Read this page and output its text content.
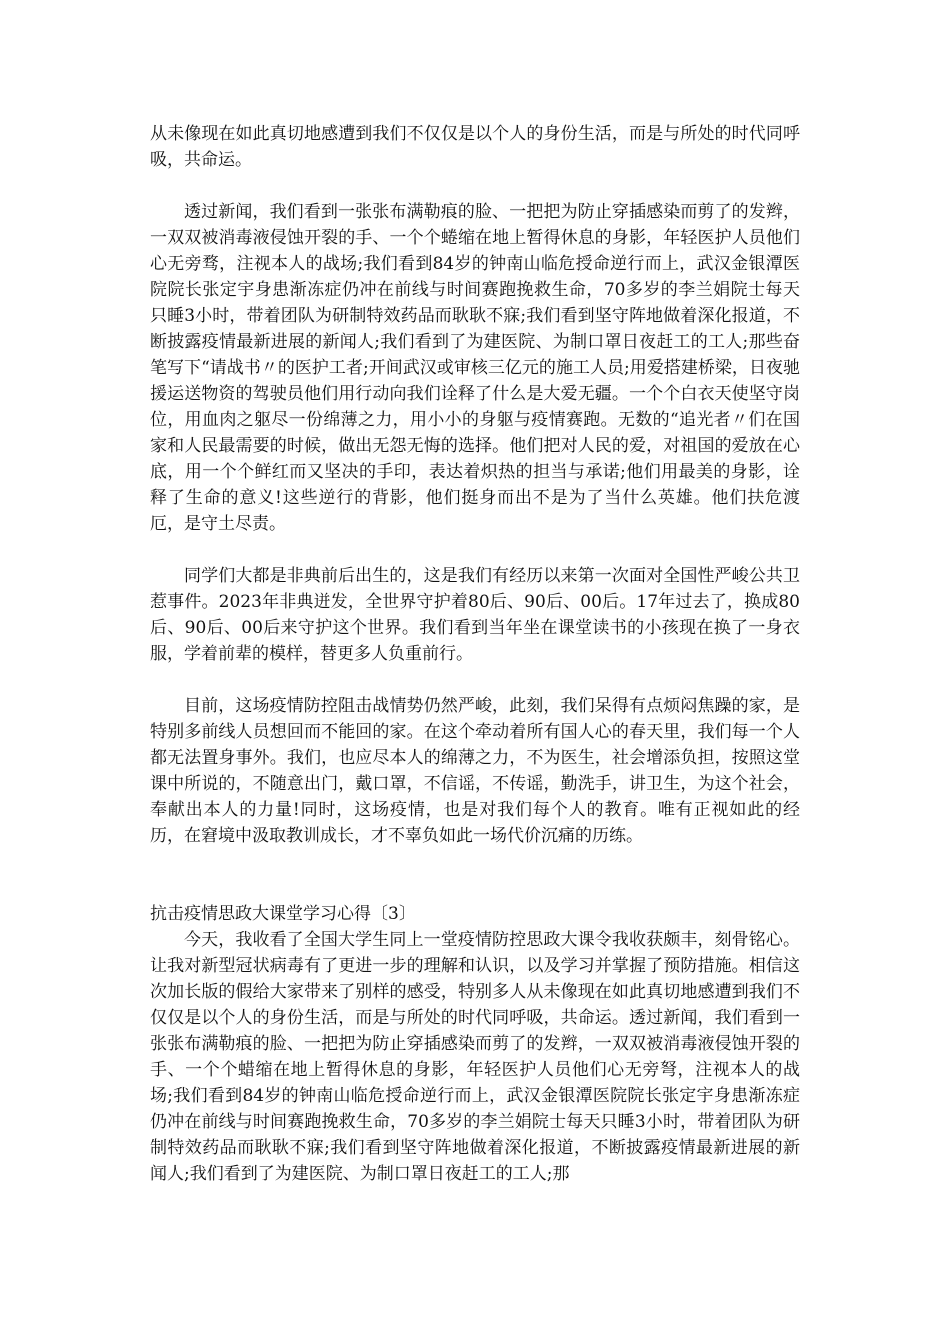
从未像现在如此真切地感遭到我们不仅仅是以个人的身份生活，而是与所处的时代同呼吸，共命运。

透过新闻，我们看到一张张布满勒痕的脸、一把把为防止穿插感染而剪了的发辫，一双双被消毒液侵蚀开裂的手、一个个蜷缩在地上暂得休息的身影，年轻医护人员他们心无旁骛，注视本人的战场;我们看到84岁的钟南山临危授命逆行而上，武汉金银潭医院院长张定宇身患渐冻症仍冲在前线与时间赛跑挽救生命，70多岁的李兰娟院士每天只睡3小时，带着团队为研制特效药品而耿耿不寐;我们看到坚守阵地做着深化报道，不断披露疫情最新进展的新闻人;我们看到了为建医院、为制口罩日夜赶工的工人;那些奋笔写下“请战书〃的医护工者;开间武汉或审核三亿元的施工人员;用爱搭建桥梁，日夜驰援运送物资的驾驶员他们用行动向我们诠释了什么是大爱无疆。一个个白衣天使坚守岗位，用血肉之躯尽一份绵薄之力，用小小的身躯与疫情赛跑。无数的“追光者〃们在国家和人民最需要的时候，做出无怨无悔的选择。他们把对人民的爱，对祖国的爱放在心底，用一个个鲜红而又坚决的手印，表达着炽热的担当与承诺;他们用最美的身影，诠释了生命的意义!这些逆行的背影，他们挺身而出不是为了当什么英雄。他们扶危渡厄，是守土尽责。

同学们大都是非典前后出生的，这是我们有经历以来第一次面对全国性严峻公共卫惹事件。2023年非典迸发，全世界守护着80后、90后、00后。17年过去了，换成80后、90后、00后来守护这个世界。我们看到当年坐在课堂读书的小孩现在换了一身衣服，学着前辈的模样，替更多人负重前行。

目前，这场疫情防控阻击战情势仍然严峻，此刻，我们呆得有点烦闷焦躁的家，是特别多前线人员想回而不能回的家。在这个牵动着所有国人心的春天里，我们每一个人都无法置身事外。我们，也应尽本人的绵薄之力，不为医生，社会增添负担，按照这堂课中所说的，不随意出门，戴口罩，不信谣，不传谣，勤洗手，讲卫生，为这个社会，奉献出本人的力量!同时，这场疫情，也是对我们每个人的教育。唯有正视如此的经历，在窘境中汲取教训成长，才不辜负如此一场代价沉痛的历练。

抗击疫情思政大课堂学习心得〔3〕

今天，我收看了全国大学生同上一堂疫情防控思政大课令我收获颇丰，刻骨铭心。让我对新型冠状病毒有了更进一步的理解和认识，以及学习并掌握了预防措施。相信这次加长版的假给大家带来了别样的感受，特别多人从未像现在如此真切地感遭到我们不仅仅是以个人的身份生活，而是与所处的时代同呼吸，共命运。透过新闻，我们看到一张张布满勒痕的脸、一把把为防止穿插感染而剪了的发辫，一双双被消毒液侵蚀开裂的手、一个个蜡缩在地上暂得休息的身影，年轻医护人员他们心无旁弩，注视本人的战场;我们看到84岁的钟南山临危授命逆行而上，武汉金银潭医院院长张定宇身患渐冻症仍冲在前线与时间赛跑挽救生命，70多岁的李兰娟院士每天只睡3小时，带着团队为研制特效药品而耿耿不寐;我们看到坚守阵地做着深化报道，不断披露疫情最新进展的新闻人;我们看到了为建医院、为制口罩日夜赶工的工人;那
